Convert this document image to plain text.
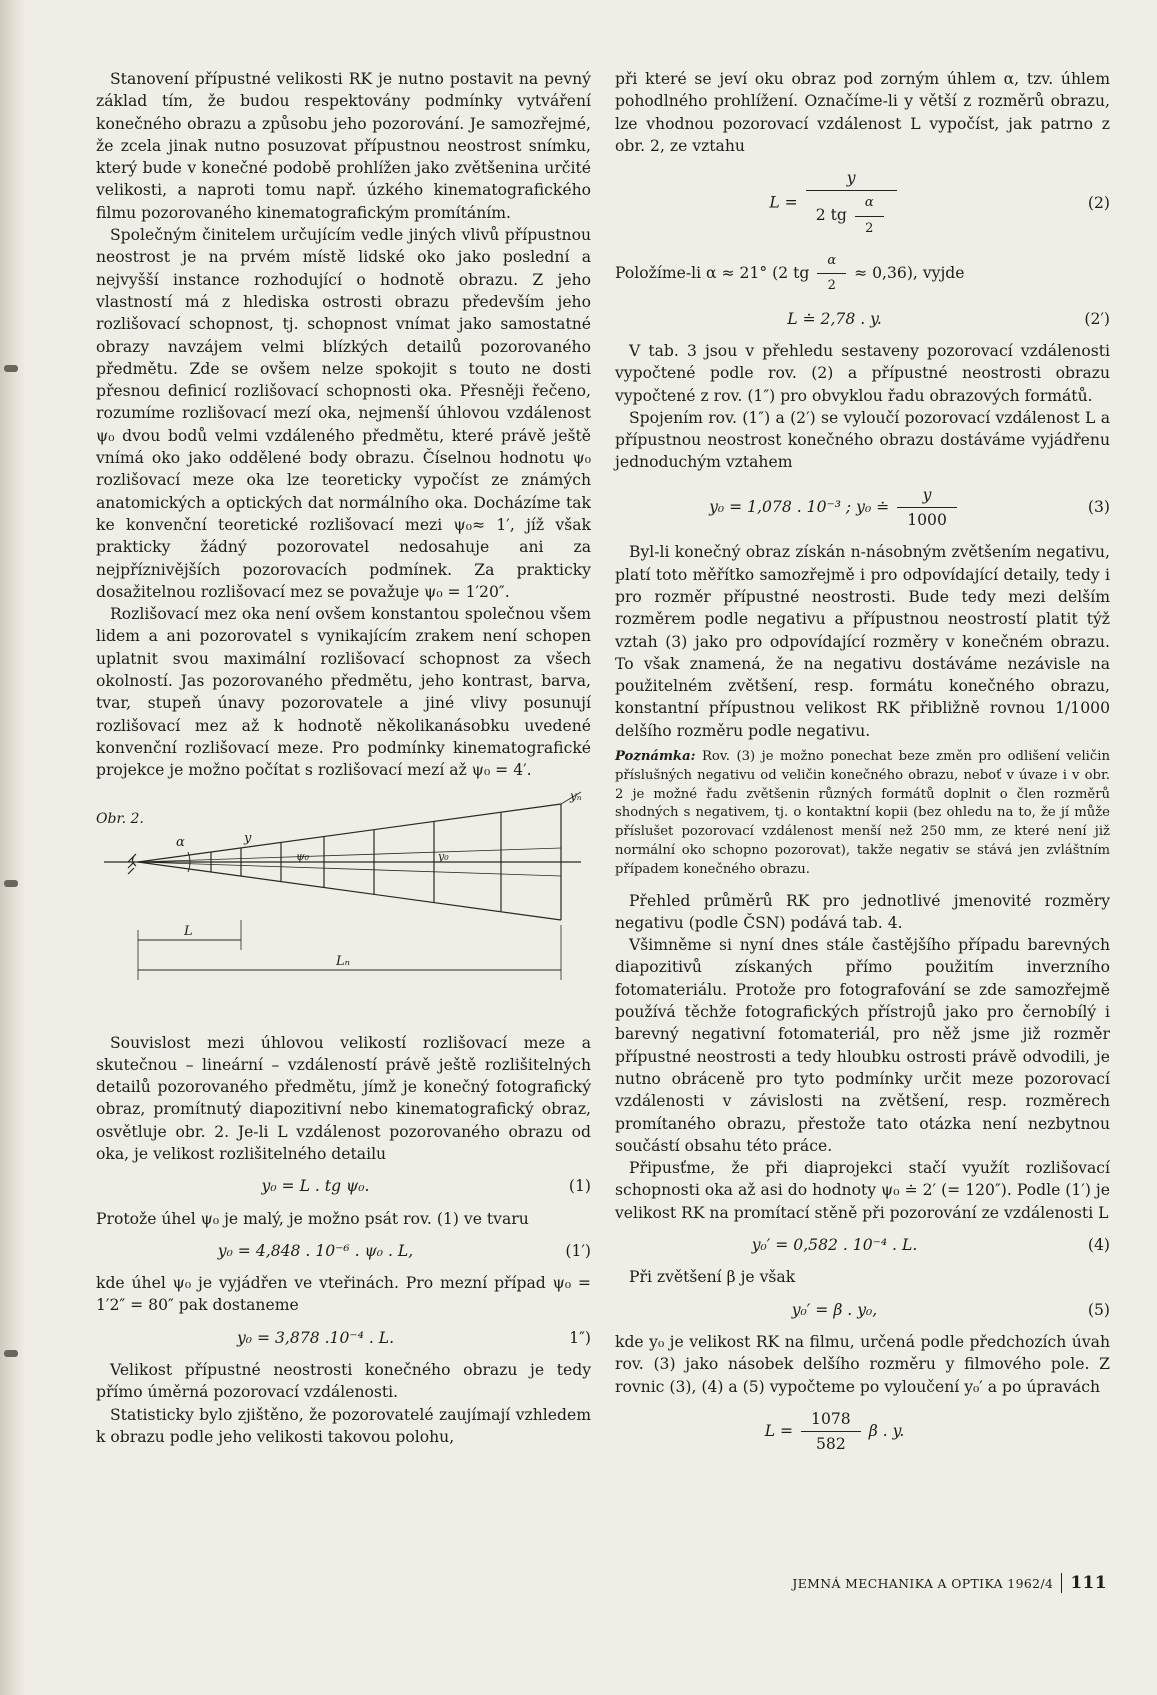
Stanovení přípustné velikosti RK je nutno postavit na pevný základ tím, že budou respektovány podmínky vytváření konečného obrazu a způsobu jeho pozorování. Je samozřejmé, že zcela jinak nutno posuzovat přípustnou neostrost snímku, který bude v konečné podobě prohlížen jako zvětšenina určité velikosti, a naproti tomu např. úzkého kinematografického filmu pozorovaného kinematografickým promítáním.

Společným činitelem určujícím vedle jiných vlivů přípustnou neostrost je na prvém místě lidské oko jako poslední a nejvyšší instance rozhodující o hodnotě obrazu. Z jeho vlastností má z hlediska ostrosti obrazu především jeho rozlišovací schopnost, tj. schopnost vnímat jako samostatné obrazy navzájem velmi blízkých detailů pozorovaného předmětu. Zde se ovšem nelze spokojit s touto ne dosti přesnou definicí rozlišovací schopnosti oka. Přesněji řečeno, rozumíme rozlišovací mezí oka, nejmenší úhlovou vzdálenost ψ₀ dvou bodů velmi vzdáleného předmětu, které právě ještě vnímá oko jako oddělené body obrazu. Číselnou hodnotu ψ₀ rozlišovací meze oka lze teoreticky vypočíst ze známých anatomických a optických dat normálního oka. Docházíme tak ke konvenční teoretické rozlišovací mezi ψ₀≈ 1′, jíž však prakticky žádný pozorovatel nedosahuje ani za nejpříznivějších pozorovacích podmínek. Za prakticky dosažitelnou rozlišovací mez se považuje ψ₀ = 1′20″.

Rozlišovací mez oka není ovšem konstantou společnou všem lidem a ani pozorovatel s vynikajícím zrakem není schopen uplatnit svou maximální rozlišovací schopnost za všech okolností. Jas pozorovaného předmětu, jeho kontrast, barva, tvar, stupeň únavy pozorovatele a jiné vlivy posunují rozlišovací mez až k hodnotě několikanásobku uvedené konvenční rozlišovací meze. Pro podmínky kinematografické projekce je možno počítat s rozlišovací mezí až ψ₀ = 4′.

α	y
ψ₀	y₀
yₙ
L
Lₙ
Obr. 2.

Souvislost mezi úhlovou velikostí rozlišovací meze a skutečnou – lineární – vzdáleností právě ještě rozlišitelných detailů pozorovaného předmětu, jímž je konečný fotografický obraz, promítnutý diapozitivní nebo kinematografický obraz, osvětluje obr. 2. Je-li L vzdálenost pozorovaného obrazu od oka, je velikost rozlišitelného detailu

y₀ = L . tg ψ₀.	(1)

Protože úhel ψ₀ je malý, je možno psát rov. (1) ve tvaru

y₀ = 4,848 . 10⁻⁶ . ψ₀ . L,	(1′)

kde úhel ψ₀ je vyjádřen ve vteřinách. Pro mezní případ ψ₀ = 1′2″ = 80″ pak dostaneme

y₀ = 3,878 .10⁻⁴ . L.	1″)

Velikost přípustné neostrosti konečného obrazu je tedy přímo úměrná pozorovací vzdálenosti.

Statisticky bylo zjištěno, že pozorovatelé zaujímají vzhledem k obrazu podle jeho velikosti takovou polohu,

při které se jeví oku obraz pod zorným úhlem α, tzv. úhlem pohodlného prohlížení. Označíme-li y větší z rozměrů obrazu, lze vhodnou pozorovací vzdálenost L vypočíst, jak patrno z obr. 2, ze vztahu

$L = \frac{y}{2 tg \frac{\alpha}{2}}$	(2)

Položíme-li α ≈ 21° (2 tg $\frac{\alpha}{2} \approx 0,36$), vyjde

L ≐ 2,78 . y.	(2′)

V tab. 3 jsou v přehledu sestaveny pozorovací vzdálenosti vypočtené podle rov. (2) a přípustné neostrosti obrazu vypočtené z rov. (1″) pro obvyklou řadu obrazových formátů.

Spojením rov. (1″) a (2′) se vyloučí pozorovací vzdálenost L a přípustnou neostrost konečného obrazu dostáváme vyjádřenu jednoduchým vztahem

y₀ = 1,078 . 10⁻³ ; y₀ ≐ $\frac{y}{1000}$	(3)

Byl-li konečný obraz získán n-násobným zvětšením negativu, platí toto měřítko samozřejmě i pro odpovídající detaily, tedy i pro rozměr přípustné neostrosti. Bude tedy mezi delším rozměrem podle negativu a přípustnou neostrostí platit týž vztah (3) jako pro odpovídající rozměry v konečném obrazu. To však znamená, že na negativu dostáváme nezávisle na použitelném zvětšení, resp. formátu konečného obrazu, konstantní přípustnou velikost RK přibližně rovnou 1/1000 delšího rozměru podle negativu.

Poznámka: Rov. (3) je možno ponechat beze změn pro odlišení veličin příslušných negativu od veličin konečného obrazu, neboť v úvaze i v obr. 2 je možné řadu zvětšenin různých formátů doplnit o člen rozměrů shodných s negativem, tj. o kontaktní kopii (bez ohledu na to, že jí může příslušet pozorovací vzdálenost menší než 250 mm, ze které není již normální oko schopno pozorovat), takže negativ se stává jen zvláštním případem konečného obrazu.

Přehled průměrů RK pro jednotlivé jmenovité rozměry negativu (podle ČSN) podává tab. 4.

Všimněme si nyní dnes stále častějšího případu barevných diapozitivů získaných přímo použitím inverzního fotomateriálu. Protože pro fotografování se zde samozřejmě používá těchže fotografických přístrojů jako pro černobílý i barevný negativní fotomateriál, pro něž jsme již rozměr přípustné neostrosti a tedy hloubku ostrosti právě odvodili, je nutno obráceně pro tyto podmínky určit meze pozorovací vzdálenosti v závislosti na zvětšení, resp. rozměrech promítaného obrazu, přestože tato otázka není nezbytnou součástí obsahu této práce.

Připusťme, že při diaprojekci stačí využít rozlišovací schopnosti oka až asi do hodnoty ψ₀ ≐ 2′ (= 120″). Podle (1′) je velikost RK na promítací stěně při pozorování ze vzdálenosti L

y₀′ = 0,582 . 10⁻⁴ . L.	(4)

Při zvětšení β je však

y₀′ = β . y₀,	(5)

kde y₀ je velikost RK na filmu, určená podle předchozích úvah rov. (3) jako násobek delšího rozměru y filmového pole. Z rovnic (3), (4) a (5) vypočteme po vyloučení y₀′ a po úpravách

$L = \frac{1078}{582}$ β . y.
JEMNÁ MECHANIKA A OPTIKA 1962/4 111
